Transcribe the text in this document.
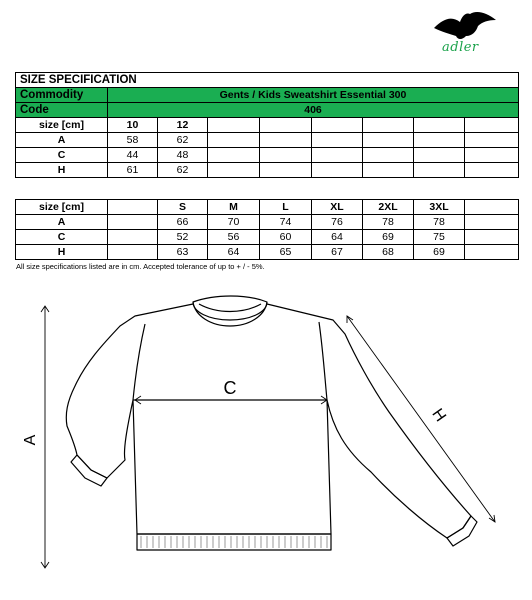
adler
SIZE SPECIFICATION								
Commodity	Gents / Kids Sweatshirt Essential 300							
Code	406							
size [cm]	10	12						
A	58	62						
C	44	48						
H	61	62						
size [cm]		S	M	L	XL	2XL	3XL	
A		66	70	74	76	78	78	
C		52	56	60	64	69	75	
H		63	64	65	67	68	69	
All size specifications listed are in cm. Accepted tolerance of up to + / - 5%.
A
C
H
